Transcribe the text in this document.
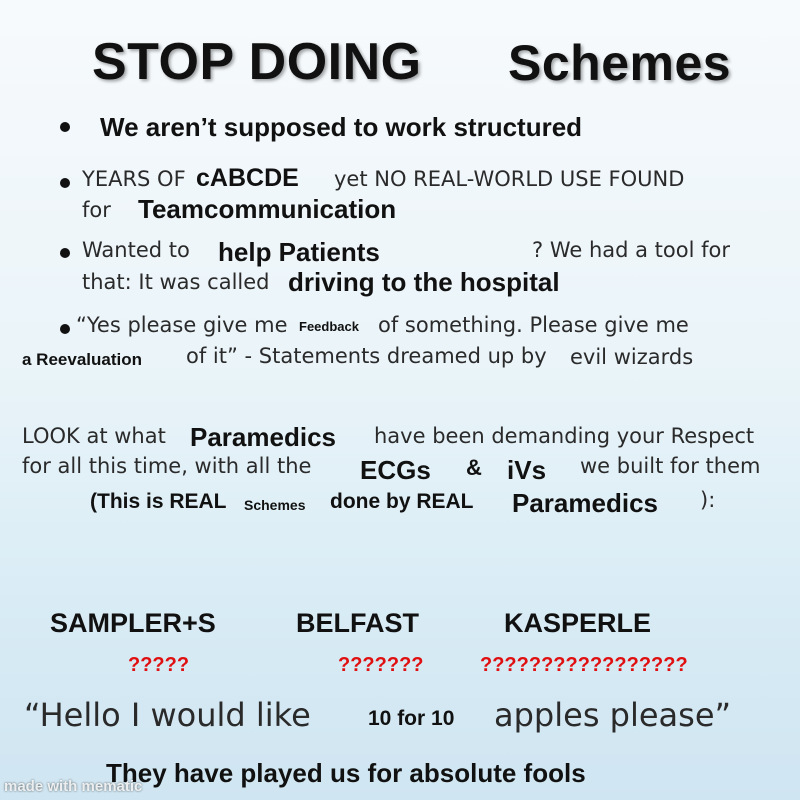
STOP DOING Schemes
We aren’t supposed to work structured
YEARS OF cABCDE yet NO REAL-WORLD USE FOUND
for Teamcommunication
Wanted to help Patients	? We had a tool for
that: It was called driving to the hospital
“Yes please give me Feedback of something. Please give me
a Reevaluation of it” - Statements dreamed up by evil wizards
LOOK at what Paramedics have been demanding your Respect
for all this time, with all the ECGs & iVs we built for them
(This is REAL Schemes done by REAL Paramedics ):
SAMPLER+S	BELFAST	KASPERLE
?????	???????	?????????????????
“Hello I would like	10 for 10 apples please”
They have played us for absolute fools
made with mematic
